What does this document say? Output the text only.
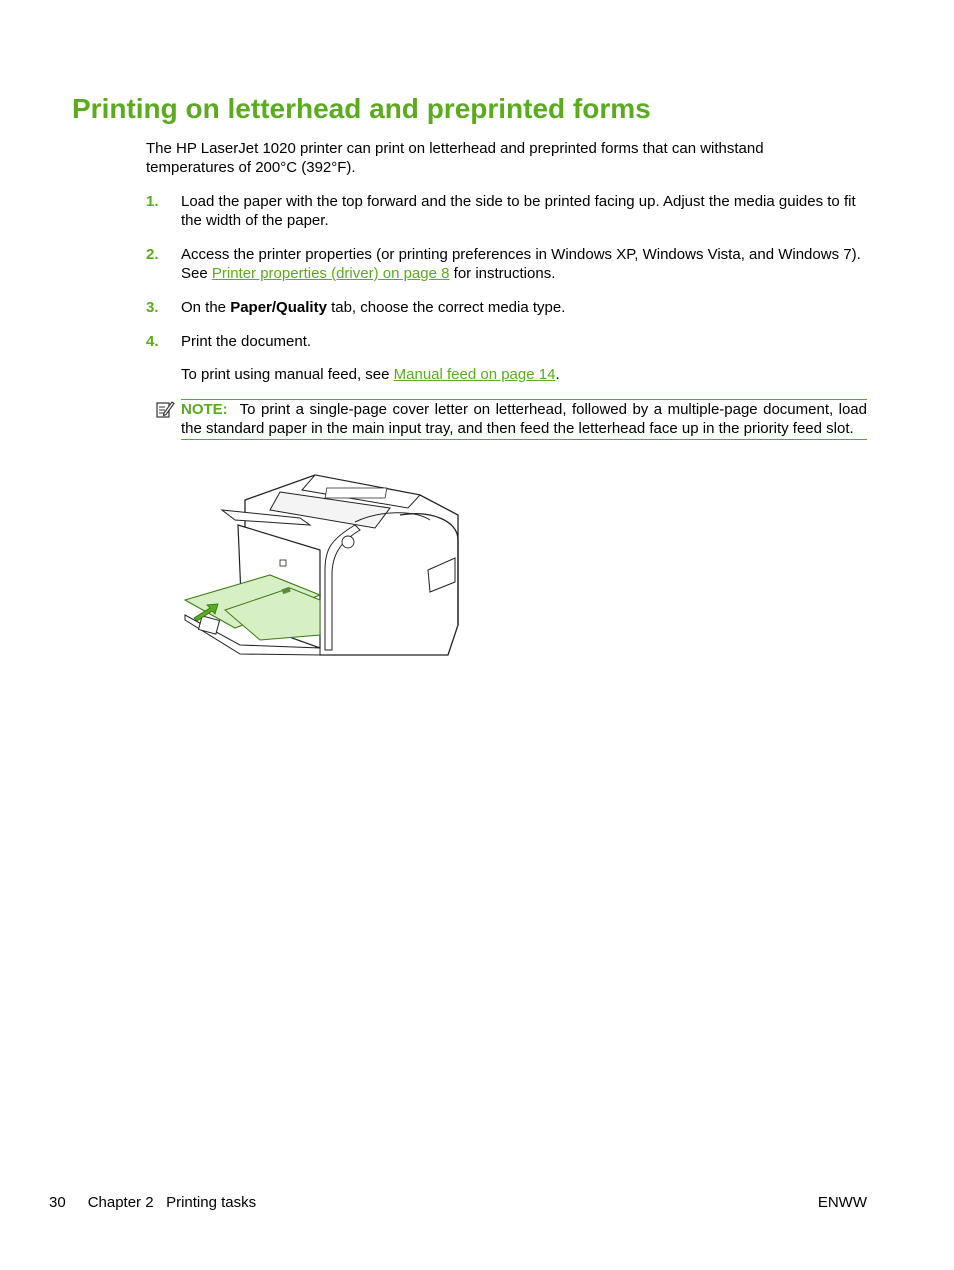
Printing on letterhead and preprinted forms

The HP LaserJet 1020 printer can print on letterhead and preprinted forms that can withstand temperatures of 200°C (392°F).

1. Load the paper with the top forward and the side to be printed facing up. Adjust the media guides to fit the width of the paper.
2. Access the printer properties (or printing preferences in Windows XP, Windows Vista, and Windows 7). See Printer properties (driver) on page 8 for instructions.
3. On the Paper/Quality tab, choose the correct media type.
4. Print the document.
To print using manual feed, see Manual feed on page 14.
NOTE: To print a single-page cover letter on letterhead, followed by a multiple-page document, load the standard paper in the main input tray, and then feed the letterhead face up in the priority feed slot.
30 Chapter 2   Printing tasks	ENWW
